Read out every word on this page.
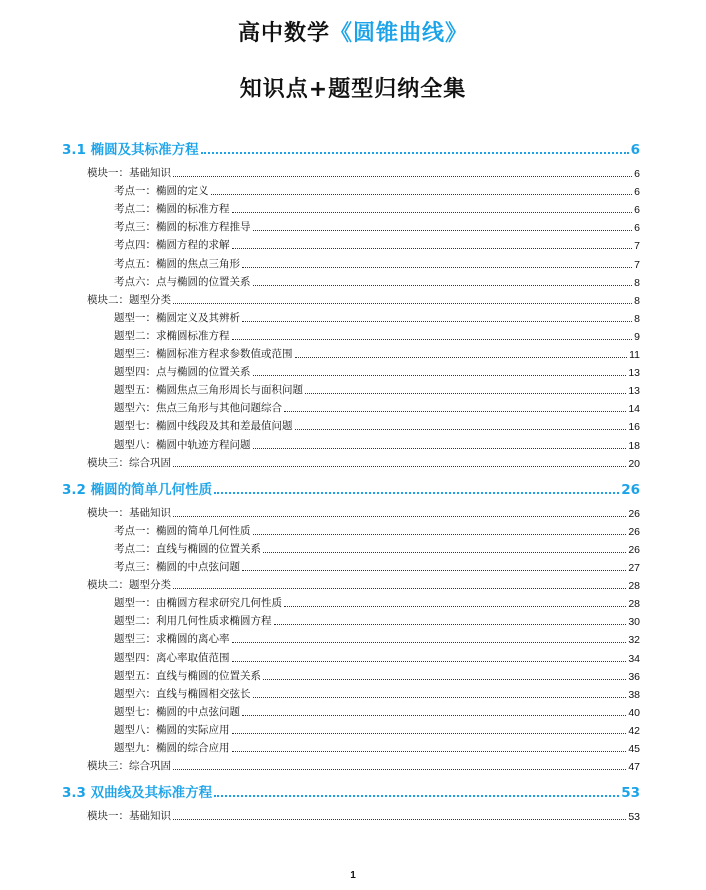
高中数学《圆锥曲线》
知识点+题型归纳全集
3.1 椭圆及其标准方程	6
模块一：基础知识	6
考点一：椭圆的定义	6
考点二：椭圆的标准方程	6
考点三：椭圆的标准方程推导	6
考点四：椭圆方程的求解	7
考点五：椭圆的焦点三角形	7
考点六：点与椭圆的位置关系	8
模块二：题型分类	8
题型一：椭圆定义及其辨析	8
题型二：求椭圆标准方程	9
题型三：椭圆标准方程求参数值或范围	11
题型四：点与椭圆的位置关系	13
题型五：椭圆焦点三角形周长与面积问题	13
题型六：焦点三角形与其他问题综合	14
题型七：椭圆中线段及其和差最值问题	16
题型八：椭圆中轨迹方程问题	18
模块三：综合巩固	20
3.2 椭圆的简单几何性质	26
模块一：基础知识	26
考点一：椭圆的简单几何性质	26
考点二：直线与椭圆的位置关系	26
考点三：椭圆的中点弦问题	27
模块二：题型分类	28
题型一：由椭圆方程求研究几何性质	28
题型二：利用几何性质求椭圆方程	30
题型三：求椭圆的离心率	32
题型四：离心率取值范围	34
题型五：直线与椭圆的位置关系	36
题型六：直线与椭圆相交弦长	38
题型七：椭圆的中点弦问题	40
题型八：椭圆的实际应用	42
题型九：椭圆的综合应用	45
模块三：综合巩固	47
3.3 双曲线及其标准方程	53
模块一：基础知识	53
1
